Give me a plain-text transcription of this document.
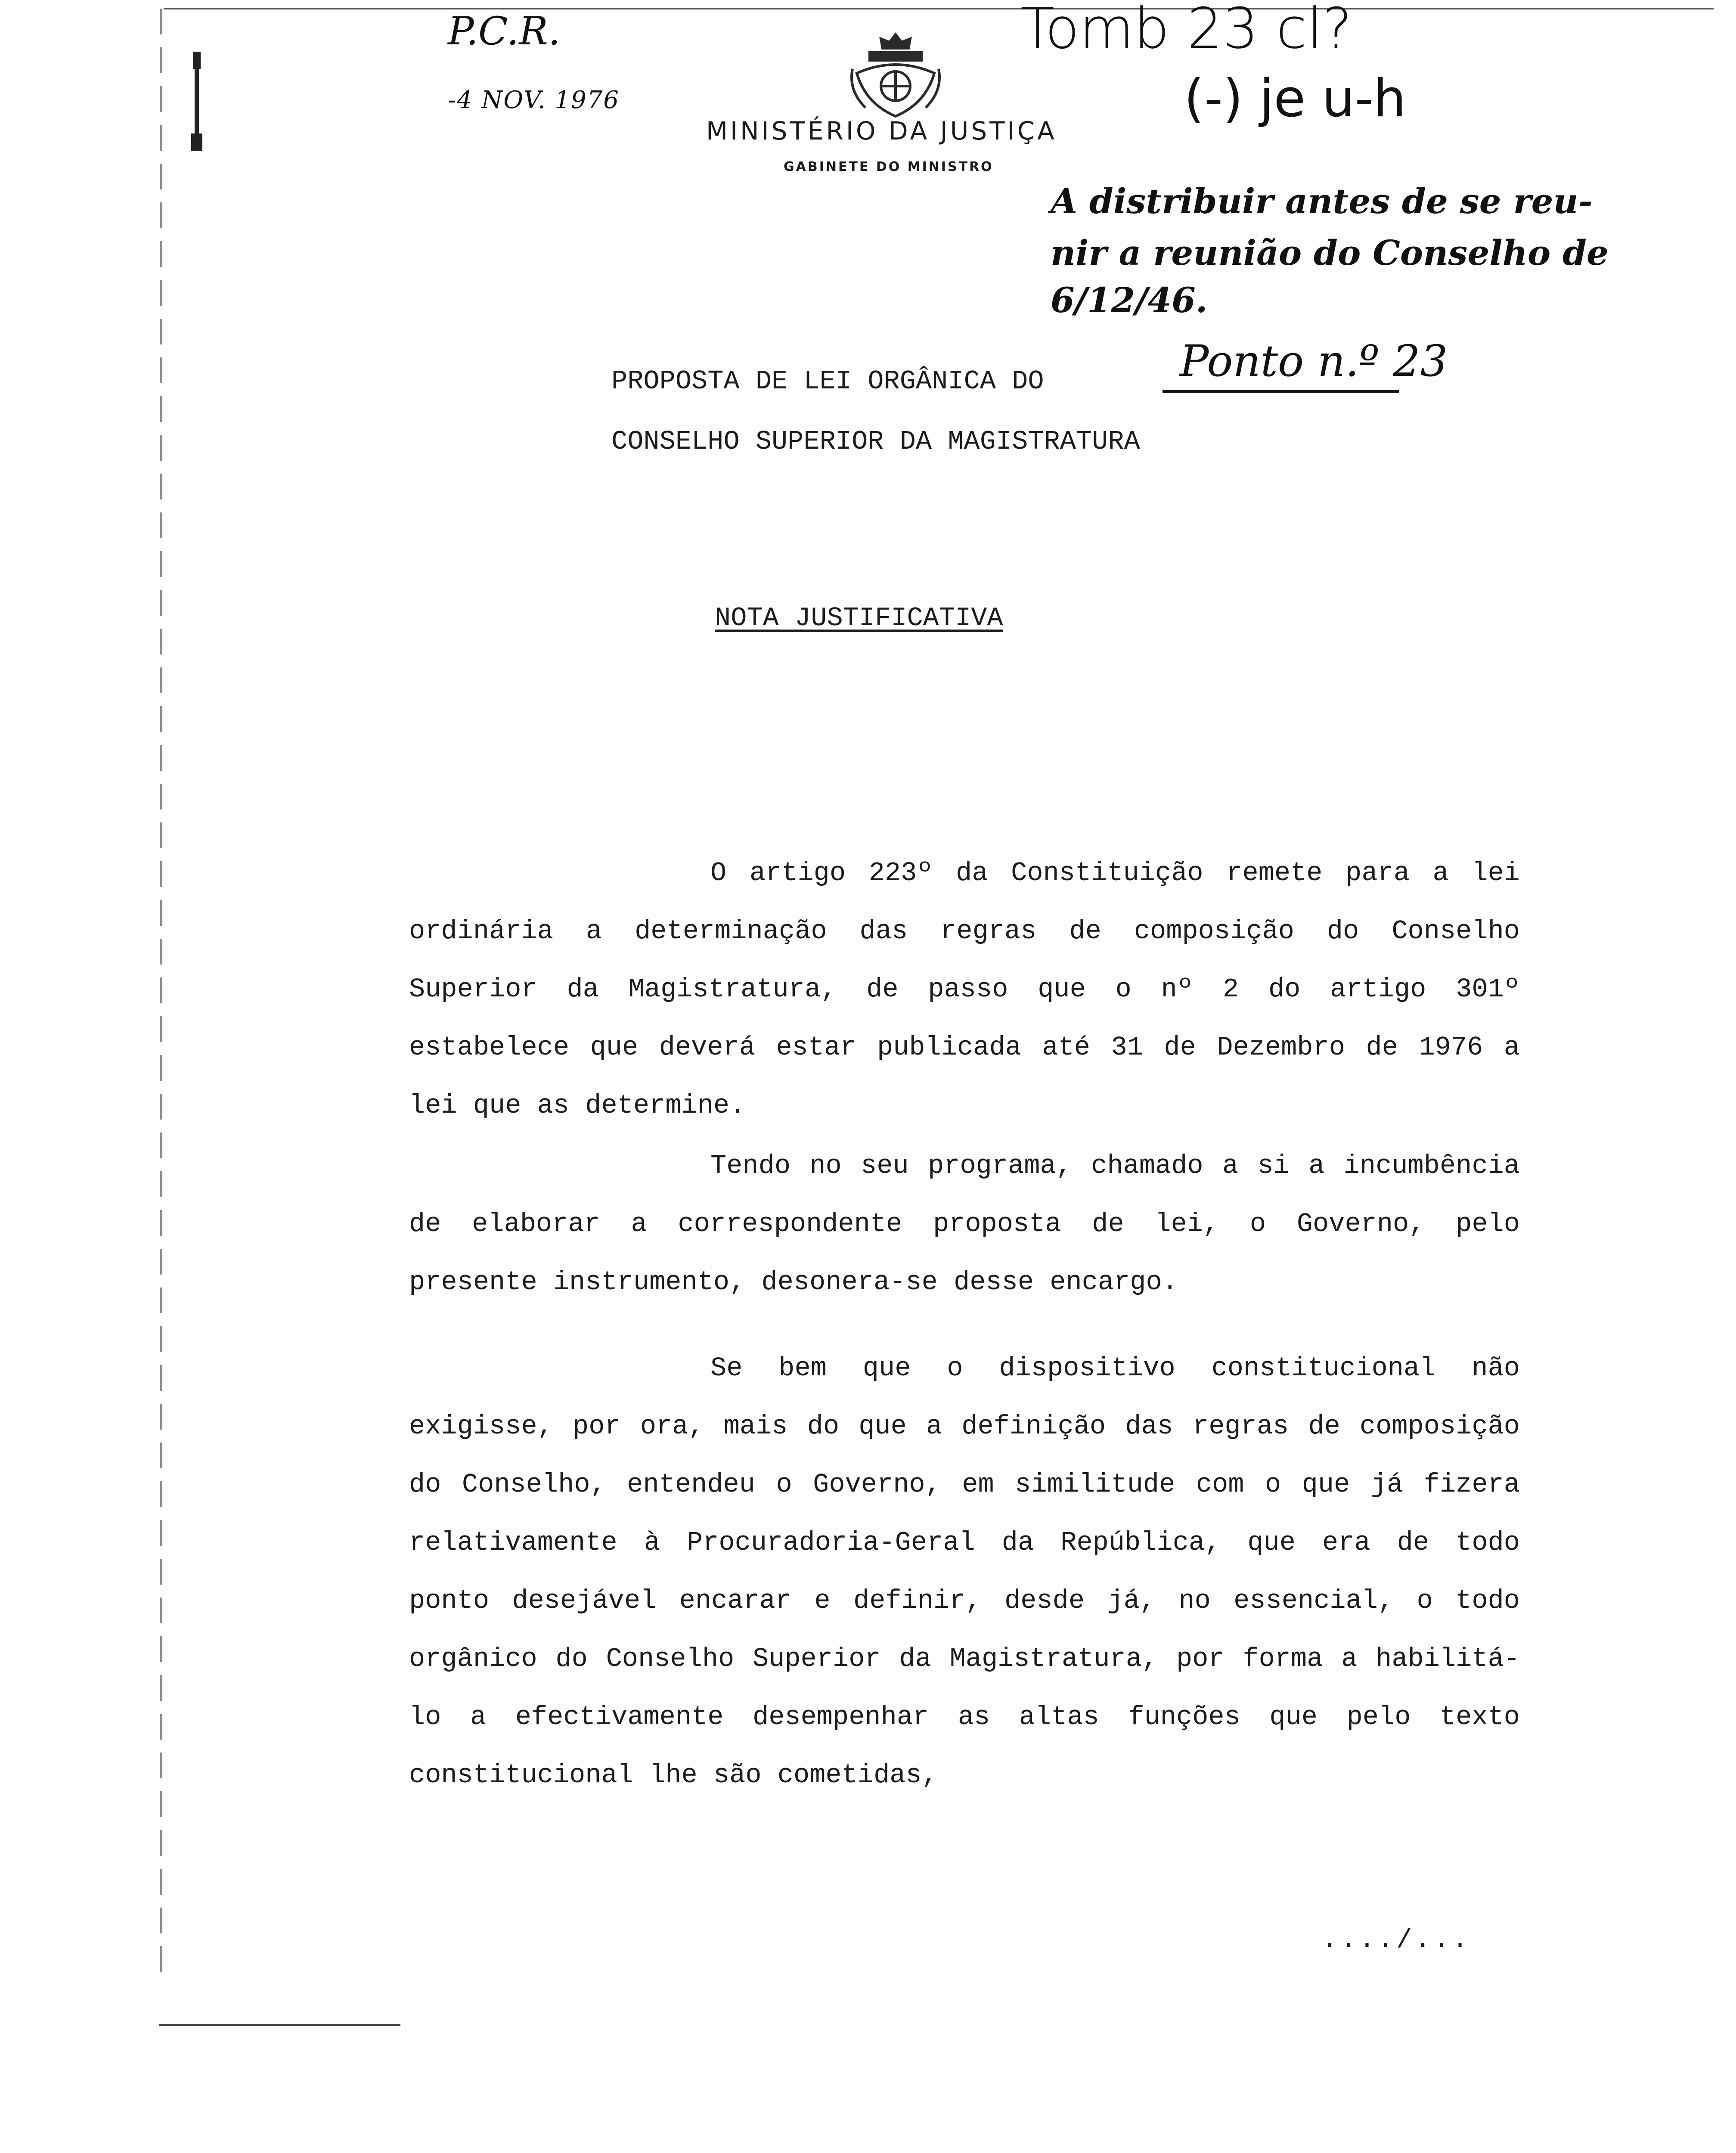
MINISTÉRIO DA JUSTIÇA
GABINETE DO MINISTRO
P.C.R.
-4 NOV. 1976
Tomb 23 cl?
(-) je u-h
A distribuir antes de se reu-
nir a reunião do Conselho de
6/12/46.
Ponto n.º 23
PROPOSTA DE LEI ORGÂNICA DO
CONSELHO SUPERIOR DA MAGISTRATURA
NOTA JUSTIFICATIVA
O artigo 223º da Constituição remete para a lei ordinária a determinação das regras de composição do Conselho Superior da Magistratura, de passo que o nº 2 do artigo 301º estabelece que deverá estar publicada até 31 de Dezembro de 1976 a lei que as determine.
Tendo no seu programa, chamado a si a incumbência de elaborar a correspondente proposta de lei, o Governo, pelo presente instrumento, desonera-se desse encargo.
Se bem que o dispositivo constitucional não exigisse, por ora, mais do que a definição das regras de composição do Conselho, entendeu o Governo, em similitude com o que já fizera relativamente à Procuradoria-Geral da República, que era de todo ponto desejável encarar e definir, desde já, no essencial, o todo orgânico do Conselho Superior da Magistratura, por forma a habilitá-lo a efectivamente desempenhar as altas funções que pelo texto constitucional lhe são cometidas,
..../...
